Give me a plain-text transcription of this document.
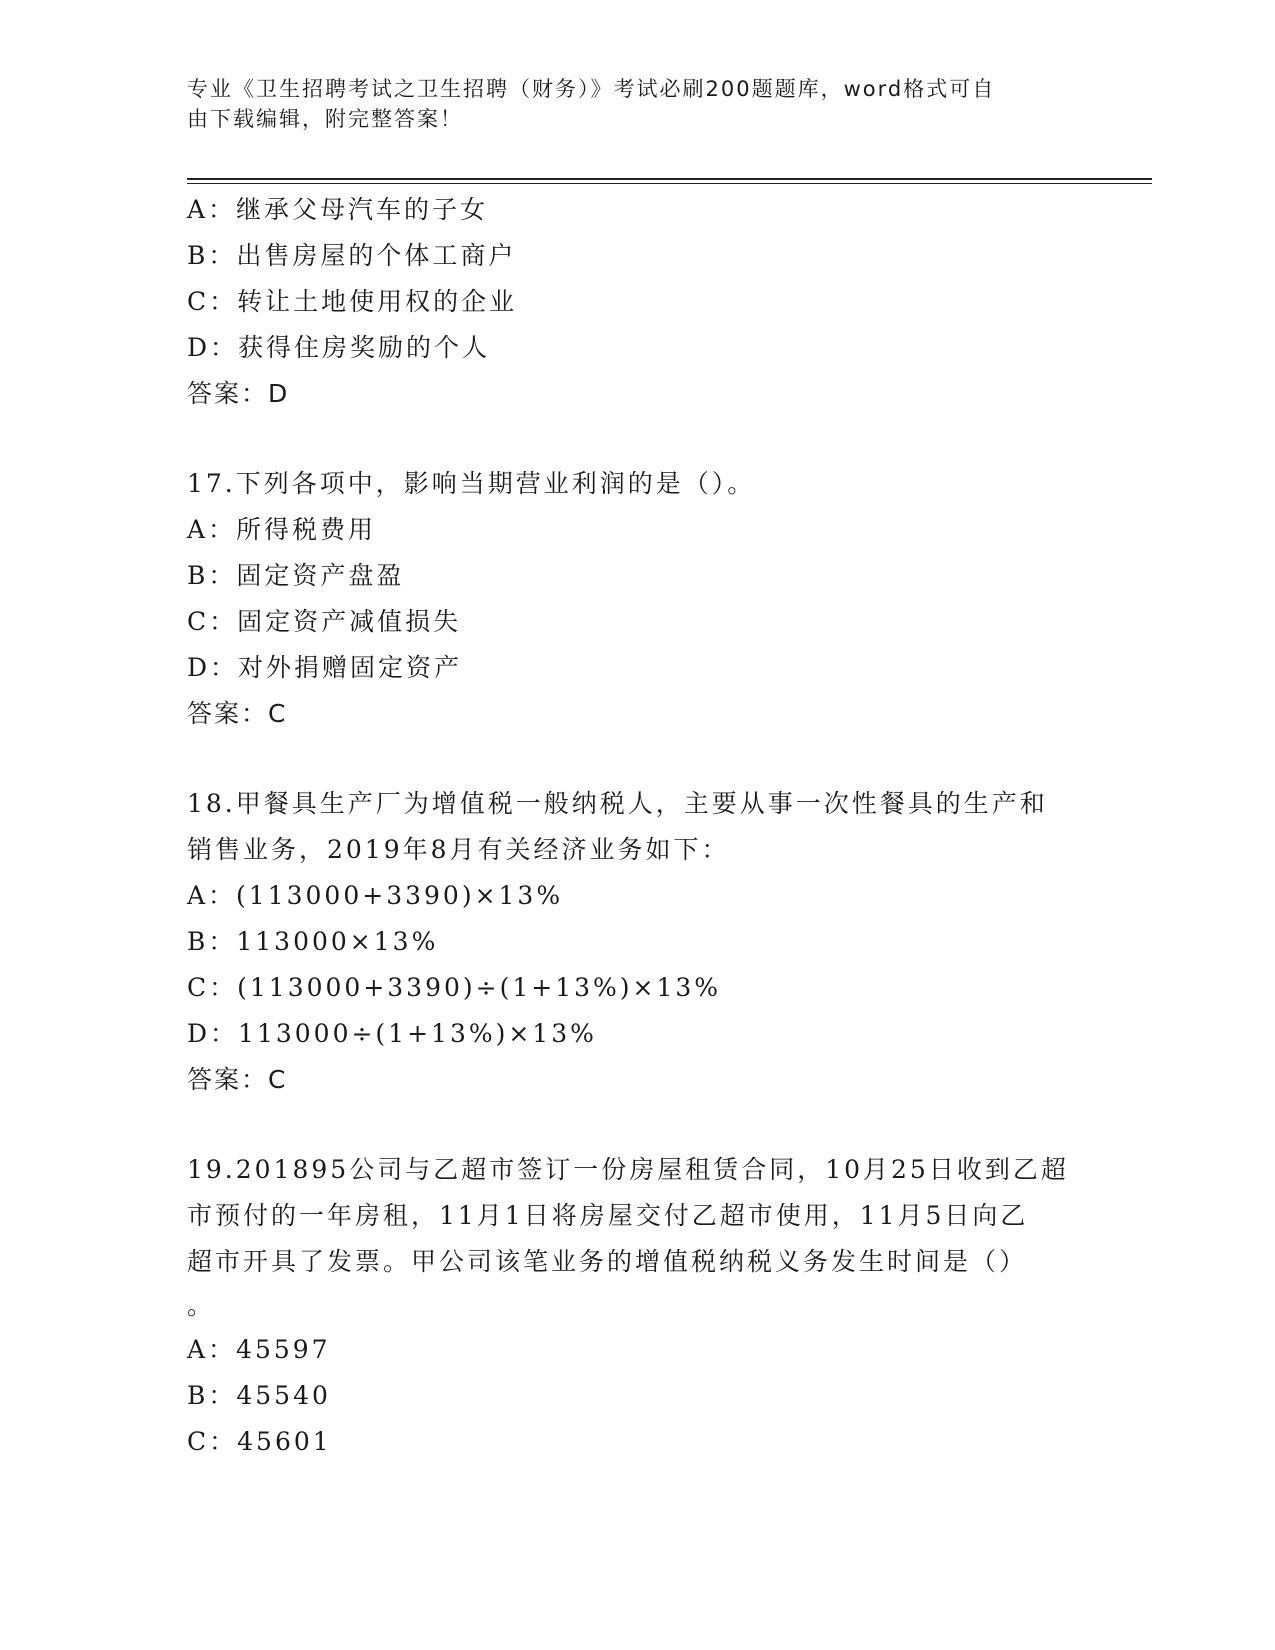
专业《卫生招聘考试之卫生招聘（财务）》考试必刷200题题库，word格式可自
由下载编辑，附完整答案！
A：继承父母汽车的子女
B：出售房屋的个体工商户
C：转让土地使用权的企业
D：获得住房奖励的个人
答案：D
17.下列各项中，影响当期营业利润的是（）。
A：所得税费用
B：固定资产盘盈
C：固定资产减值损失
D：对外捐赠固定资产
答案：C
18.甲餐具生产厂为增值税一般纳税人，主要从事一次性餐具的生产和
销售业务，2019年8月有关经济业务如下：
A：(113000+3390)×13%
B：113000×13%
C：(113000+3390)÷(1+13%)×13%
D：113000÷(1+13%)×13%
答案：C
19.201895公司与乙超市签订一份房屋租赁合同，10月25日收到乙超
市预付的一年房租，11月1日将房屋交付乙超市使用，11月5日向乙
超市开具了发票。甲公司该笔业务的增值税纳税义务发生时间是（）
。
A：45597
B：45540
C：45601
